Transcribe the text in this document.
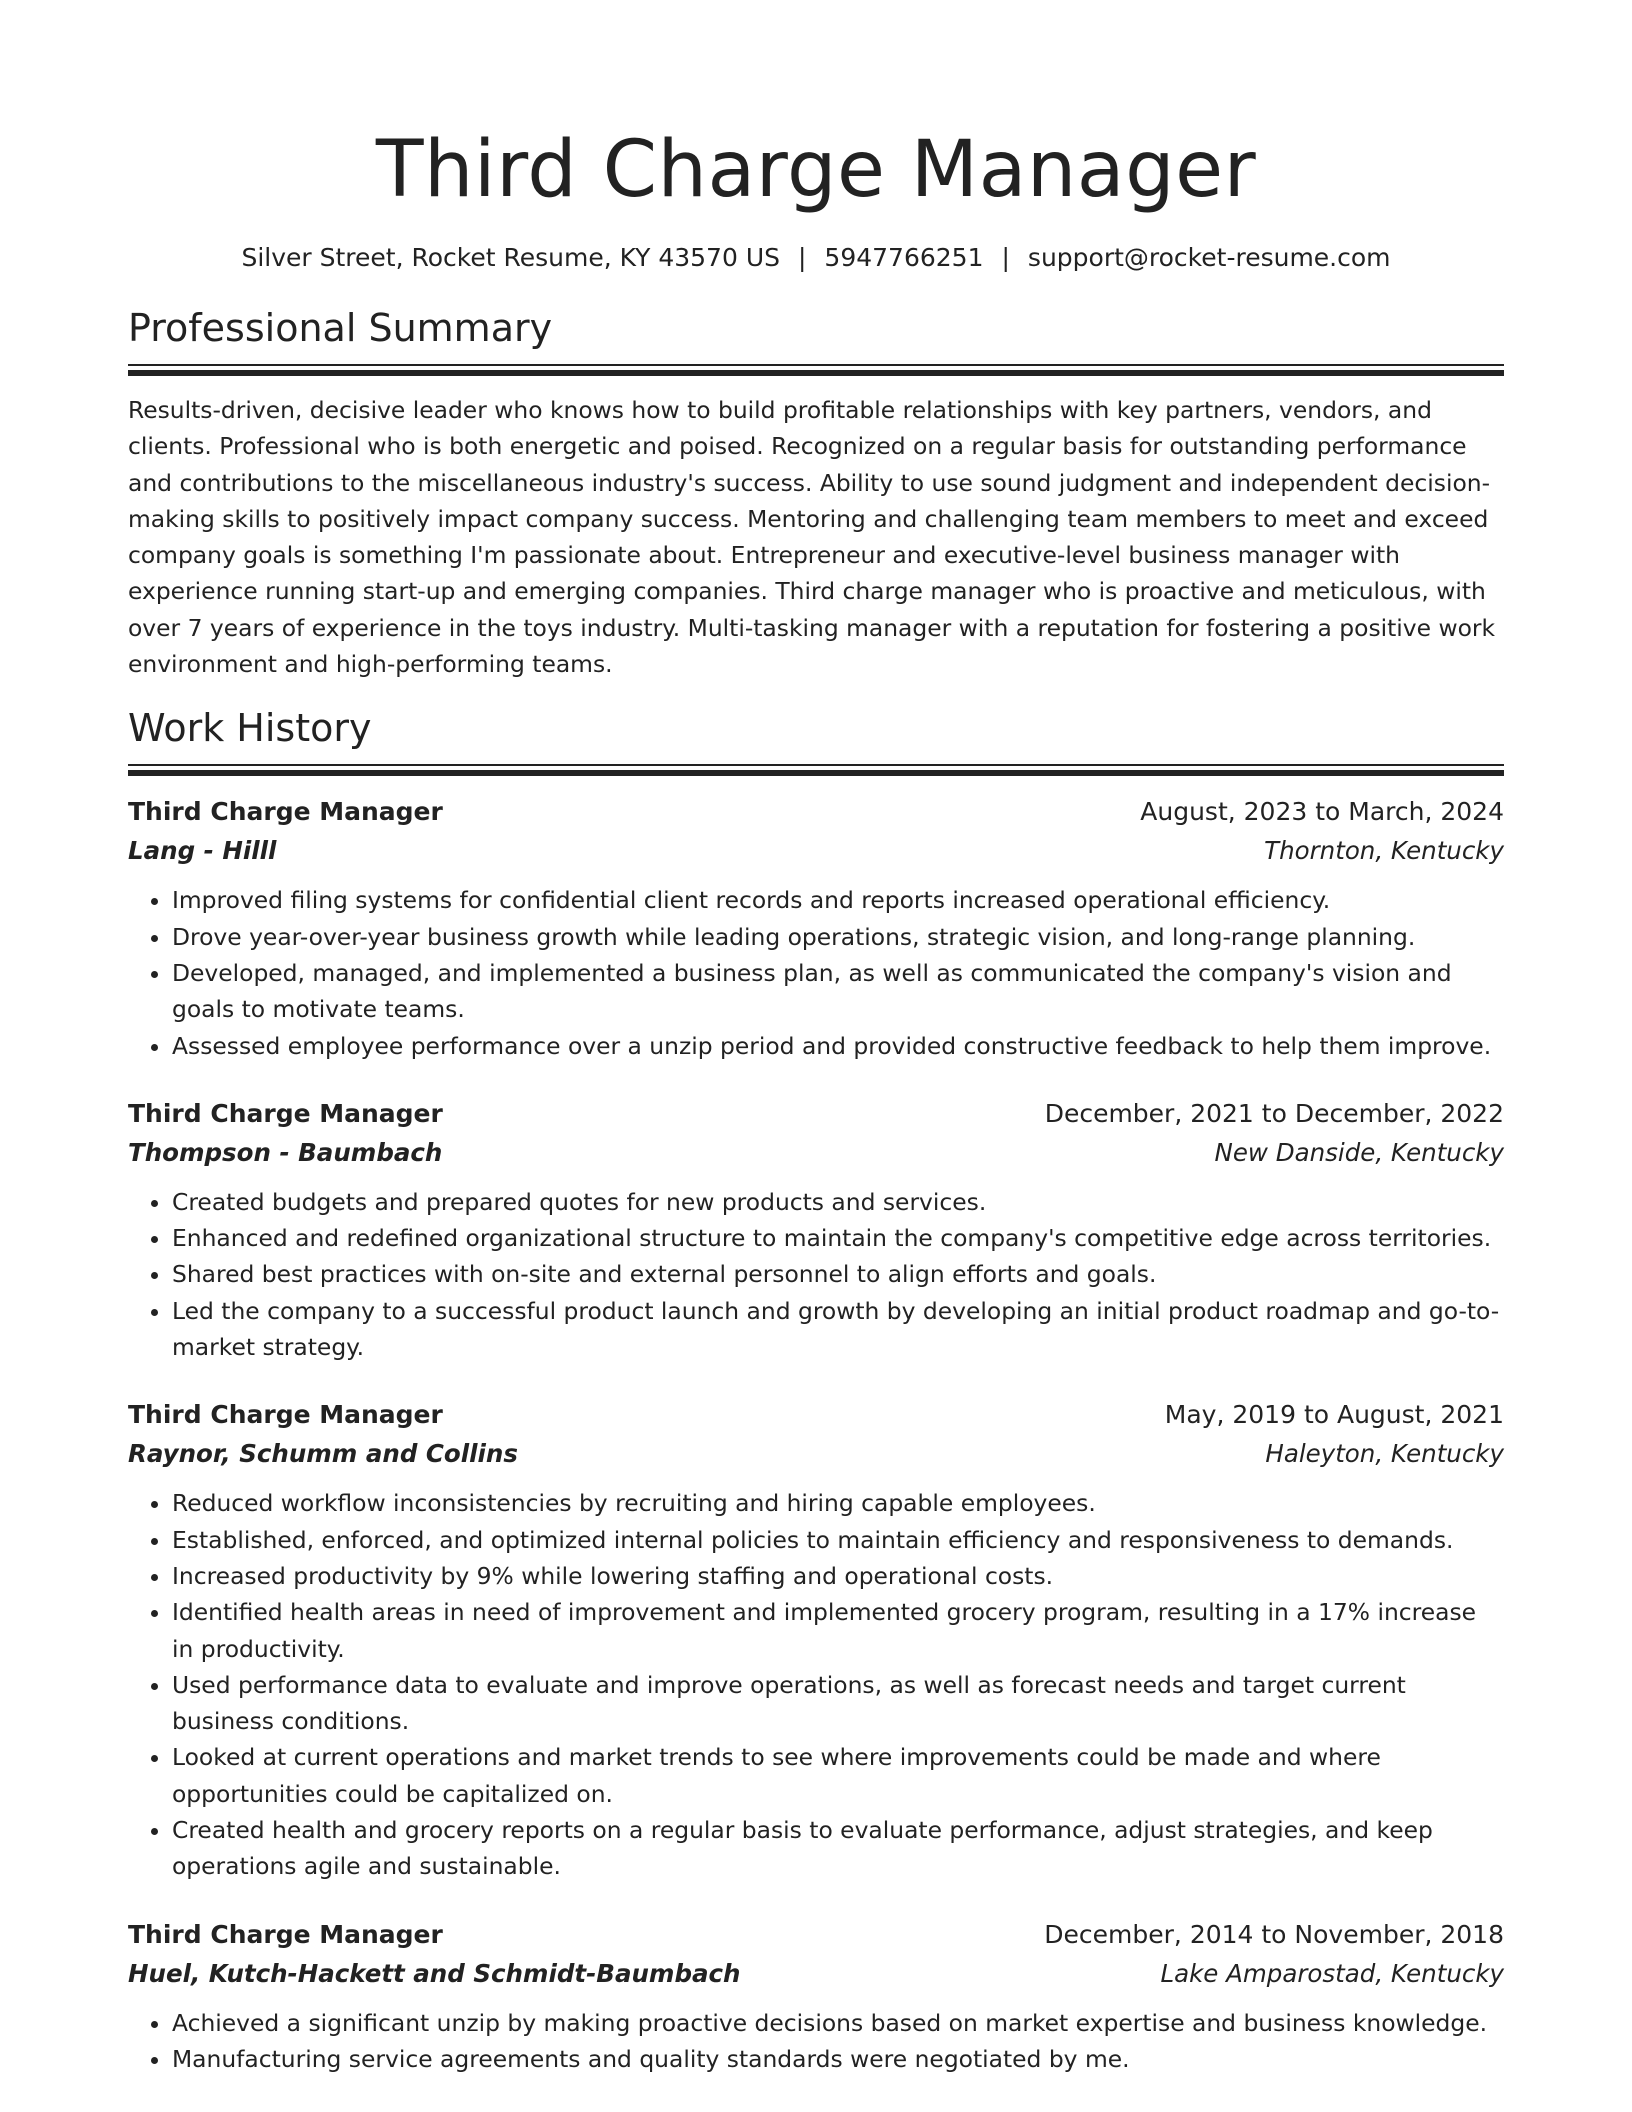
Third Charge Manager
Silver Street, Rocket Resume, KY 43570 US | 5947766251 | support@rocket-resume.com
Professional Summary

Results-driven, decisive leader who knows how to build profitable relationships with key partners, vendors, and clients. Professional who is both energetic and poised. Recognized on a regular basis for outstanding performance and contributions to the miscellaneous industry's success. Ability to use sound judgment and independent decision-making skills to positively impact company success. Mentoring and challenging team members to meet and exceed company goals is something I'm passionate about. Entrepreneur and executive-level business manager with experience running start-up and emerging companies. Third charge manager who is proactive and meticulous, with over 7 years of experience in the toys industry. Multi-tasking manager with a reputation for fostering a positive work environment and high-performing teams.

Work History
Third Charge Manager	August, 2023 to March, 2024
Lang - Hilll	Thornton, Kentucky
• Improved filing systems for confidential client records and reports increased operational efficiency.
• Drove year-over-year business growth while leading operations, strategic vision, and long-range planning.
• Developed, managed, and implemented a business plan, as well as communicated the company's vision and goals to motivate teams.
• Assessed employee performance over a unzip period and provided constructive feedback to help them improve.
Third Charge Manager	December, 2021 to December, 2022
Thompson - Baumbach	New Danside, Kentucky
• Created budgets and prepared quotes for new products and services.
• Enhanced and redefined organizational structure to maintain the company's competitive edge across territories.
• Shared best practices with on-site and external personnel to align efforts and goals.
• Led the company to a successful product launch and growth by developing an initial product roadmap and go-to-market strategy.
Third Charge Manager	May, 2019 to August, 2021
Raynor, Schumm and Collins	Haleyton, Kentucky
• Reduced workflow inconsistencies by recruiting and hiring capable employees.
• Established, enforced, and optimized internal policies to maintain efficiency and responsiveness to demands.
• Increased productivity by 9% while lowering staffing and operational costs.
• Identified health areas in need of improvement and implemented grocery program, resulting in a 17% increase in productivity.
• Used performance data to evaluate and improve operations, as well as forecast needs and target current business conditions.
• Looked at current operations and market trends to see where improvements could be made and where opportunities could be capitalized on.
• Created health and grocery reports on a regular basis to evaluate performance, adjust strategies, and keep operations agile and sustainable.
Third Charge Manager	December, 2014 to November, 2018
Huel, Kutch-Hackett and Schmidt-Baumbach	Lake Amparostad, Kentucky
• Achieved a significant unzip by making proactive decisions based on market expertise and business knowledge.
• Manufacturing service agreements and quality standards were negotiated by me.
